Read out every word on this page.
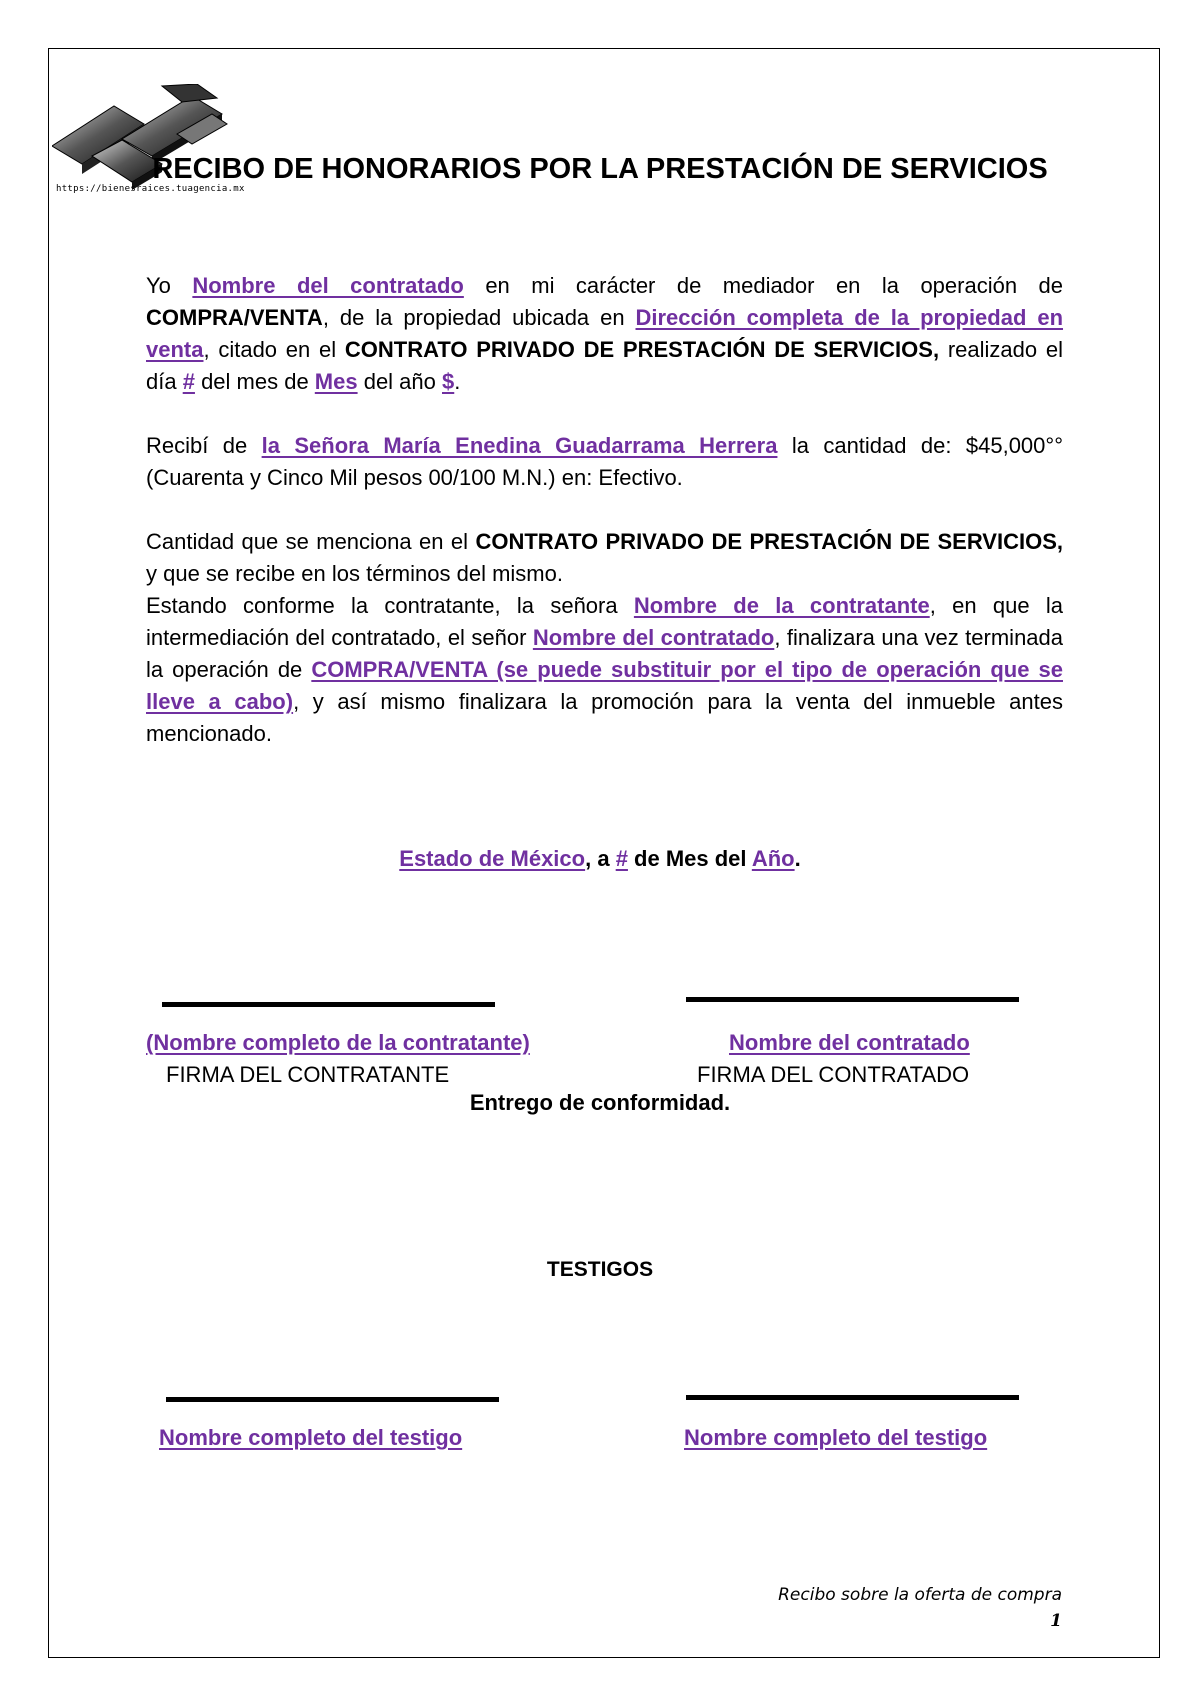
https://bienesraices.tuagencia.mx
RECIBO DE HONORARIOS POR LA PRESTACIÓN DE SERVICIOS

Yo Nombre del contratado en mi carácter de mediador en la operación de COMPRA/VENTA, de la propiedad ubicada en Dirección completa de la propiedad en venta, citado en el CONTRATO PRIVADO DE PRESTACIÓN DE SERVICIOS, realizado el día # del mes de Mes del año $.

Recibí de la Señora María Enedina Guadarrama Herrera la cantidad de: $45,000°° (Cuarenta y Cinco Mil pesos 00/100 M.N.) en: Efectivo.

Cantidad que se menciona en el CONTRATO PRIVADO DE PRESTACIÓN DE SERVICIOS, y que se recibe en los términos del mismo.

Estando conforme la contratante, la señora Nombre de la contratante, en que la intermediación del contratado, el señor Nombre del contratado, finalizara una vez terminada la operación de COMPRA/VENTA (se puede substituir por el tipo de operación que se lleve a cabo), y así mismo finalizara la promoción para la venta del inmueble antes mencionado.

Estado de México, a # de Mes del Año.
(Nombre completo de la contratante)
FIRMA DEL CONTRATANTE
Nombre del contratado
FIRMA DEL CONTRATADO
Entrego de conformidad.
TESTIGOS
Nombre completo del testigo	Nombre completo del testigo
Recibo sobre la oferta de compra
1
